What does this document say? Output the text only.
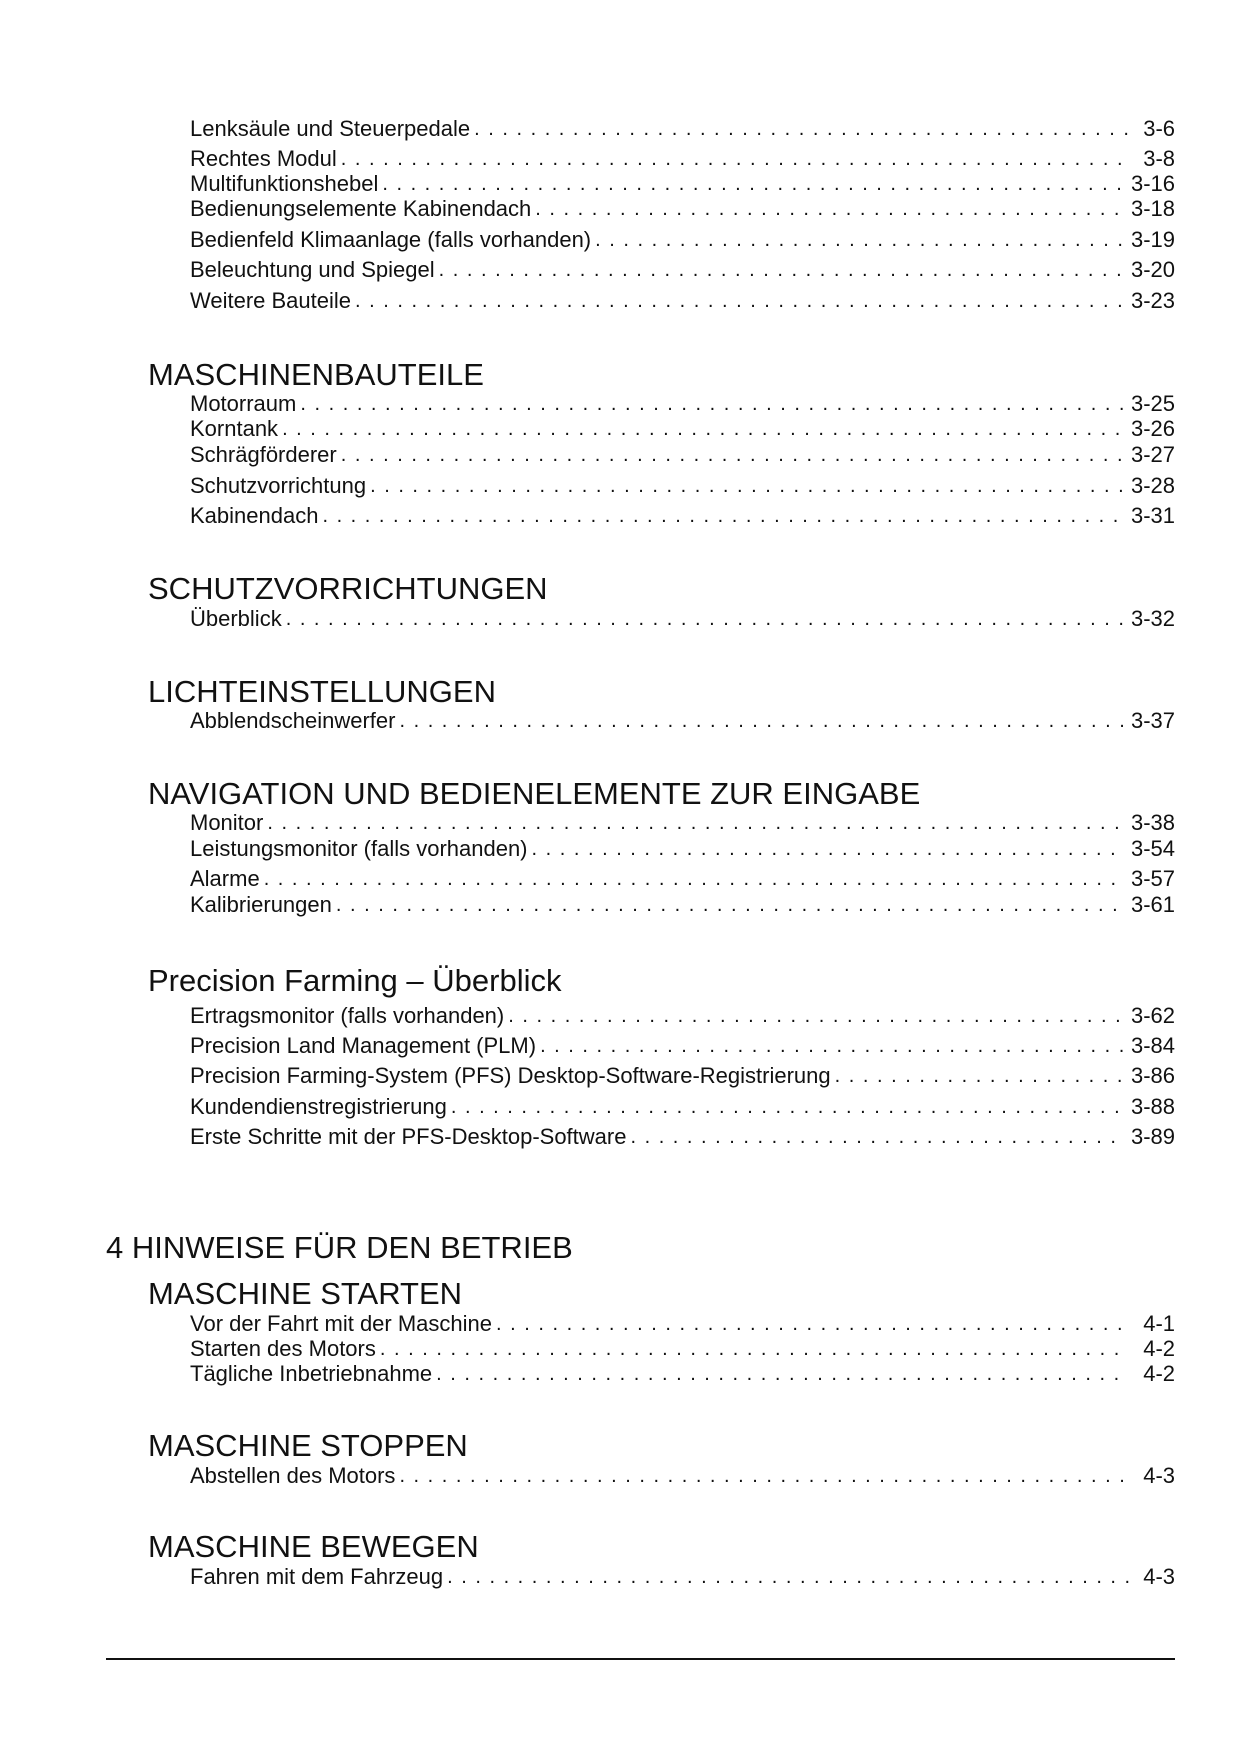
Lenksäule und Steuerpedale . . .	3-6
Rechtes Modul . . .	3-8
Multifunktionshebel . . .	3-16
Bedienungselemente Kabinendach . . .	3-18
Bedienfeld Klimaanlage (falls vorhanden) . . .	3-19
Beleuchtung und Spiegel . . .	3-20
Weitere Bauteile . . .	3-23
MASCHINENBAUTEILE
Motorraum . . .	3-25
Korntank . . .	3-26
Schrägförderer . . .	3-27
Schutzvorrichtung . . .	3-28
Kabinendach . . .	3-31
SCHUTZVORRICHTUNGEN
Überblick . . .	3-32
LICHTEINSTELLUNGEN
Abblendscheinwerfer . . .	3-37
NAVIGATION UND BEDIENELEMENTE ZUR EINGABE
Monitor . . .	3-38
Leistungsmonitor (falls vorhanden) . . .	3-54
Alarme . . .	3-57
Kalibrierungen . . .	3-61
Precision Farming – Überblick
Ertragsmonitor (falls vorhanden) . . .	3-62
Precision Land Management (PLM) . . .	3-84
Precision Farming-System (PFS) Desktop-Software-Registrierung . . .	3-86
Kundendienstregistrierung . . .	3-88
Erste Schritte mit der PFS-Desktop-Software . . .	3-89
4 HINWEISE FÜR DEN BETRIEB
MASCHINE STARTEN
Vor der Fahrt mit der Maschine . . .	4-1
Starten des Motors . . .	4-2
Tägliche Inbetriebnahme . . .	4-2
MASCHINE STOPPEN
Abstellen des Motors . . .	4-3
MASCHINE BEWEGEN
Fahren mit dem Fahrzeug . . .	4-3
